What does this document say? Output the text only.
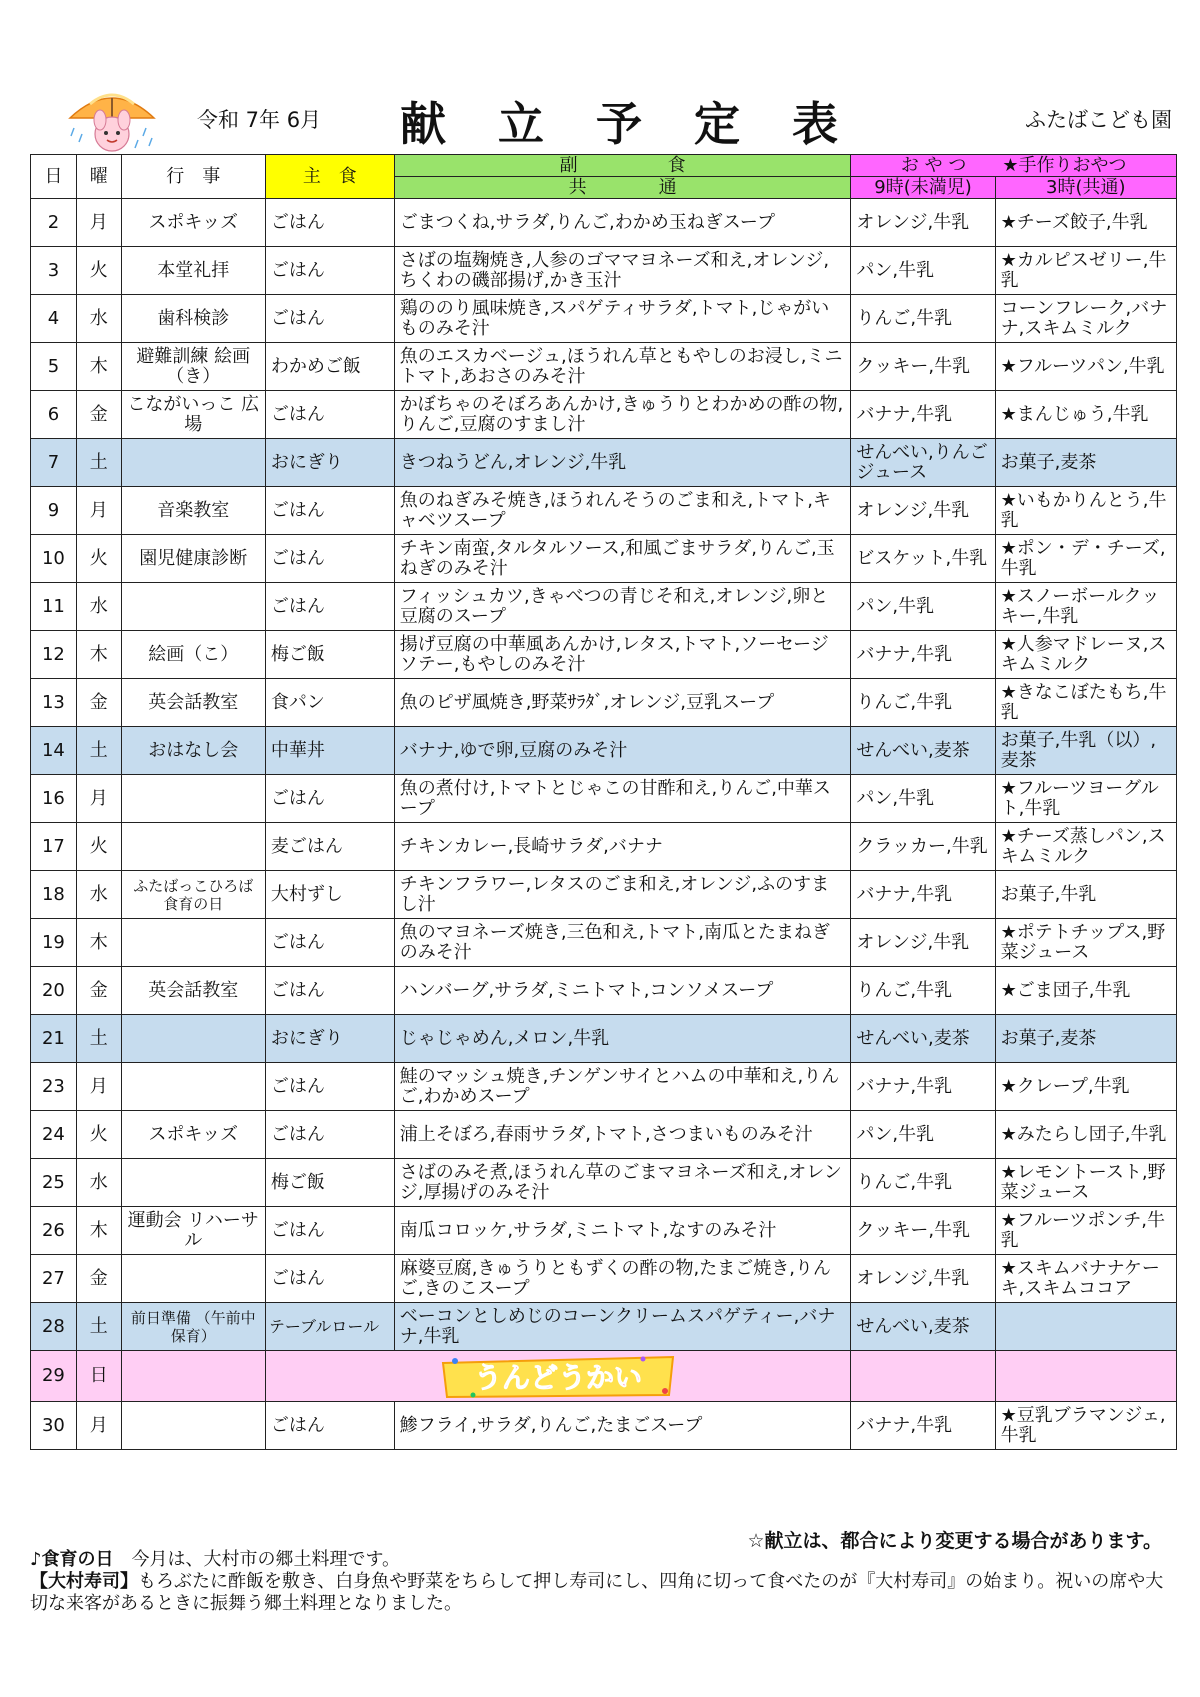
令和 7年 6月 献立予定表	ふたばこども園
日	曜	行　事	主　食	副　　　　　食	お や つ　　★手作りおやつ	
				共　　　　通	9時(未満児)	3時(共通)
2	月	スポキッズ	ごはん	ごまつくね,サラダ,りんご,わかめ玉ねぎスープ	オレンジ,牛乳	★チーズ餃子,牛乳
3	火	本堂礼拝	ごはん	さばの塩麹焼き,人参のゴママヨネーズ和え,オレンジ,ちくわの磯部揚げ,かき玉汁	パン,牛乳	★カルピスゼリー,牛乳
4	水	歯科検診	ごはん	鶏ののり風味焼き,スパゲティサラダ,トマト,じゃがいものみそ汁	りんご,牛乳	コーンフレーク,バナナ,スキムミルク
5	木	避難訓練 絵画（き）	わかめご飯	魚のエスカベージュ,ほうれん草ともやしのお浸し,ミニトマト,あおさのみそ汁	クッキー,牛乳	★フルーツパン,牛乳
6	金	こながいっこ 広場	ごはん	かぼちゃのそぼろあんかけ,きゅうりとわかめの酢の物,りんご,豆腐のすまし汁	バナナ,牛乳	★まんじゅう,牛乳
7	土		おにぎり	きつねうどん,オレンジ,牛乳	せんべい,りんごジュース	お菓子,麦茶
9	月	音楽教室	ごはん	魚のねぎみそ焼き,ほうれんそうのごま和え,トマト,キャベツスープ	オレンジ,牛乳	★いもかりんとう,牛乳
10	火	園児健康診断	ごはん	チキン南蛮,タルタルソース,和風ごまサラダ,りんご,玉ねぎのみそ汁	ビスケット,牛乳	★ポン・デ・チーズ,牛乳
11	水		ごはん	フィッシュカツ,きゃべつの青じそ和え,オレンジ,卵と豆腐のスープ	パン,牛乳	★スノーボールクッキー,牛乳
12	木	絵画（こ）	梅ご飯	揚げ豆腐の中華風あんかけ,レタス,トマト,ソーセージソテー,もやしのみそ汁	バナナ,牛乳	★人参マドレーヌ,スキムミルク
13	金	英会話教室	食パン	魚のピザ風焼き,野菜ｻﾗﾀﾞ,オレンジ,豆乳スープ	りんご,牛乳	★きなこぼたもち,牛乳
14	土	おはなし会	中華丼	バナナ,ゆで卵,豆腐のみそ汁	せんべい,麦茶	お菓子,牛乳（以）,麦茶
16	月		ごはん	魚の煮付け,トマトとじゃこの甘酢和え,りんご,中華スープ	パン,牛乳	★フルーツヨーグルト,牛乳
17	火		麦ごはん	チキンカレー,長崎サラダ,バナナ	クラッカー,牛乳	★チーズ蒸しパン,スキムミルク
18	水	ふたばっこひろば 食育の日	大村ずし	チキンフラワー,レタスのごま和え,オレンジ,ふのすまし汁	バナナ,牛乳	お菓子,牛乳
19	木		ごはん	魚のマヨネーズ焼き,三色和え,トマト,南瓜とたまねぎのみそ汁	オレンジ,牛乳	★ポテトチップス,野菜ジュース
20	金	英会話教室	ごはん	ハンバーグ,サラダ,ミニトマト,コンソメスープ	りんご,牛乳	★ごま団子,牛乳
21	土		おにぎり	じゃじゃめん,メロン,牛乳	せんべい,麦茶	お菓子,麦茶
23	月		ごはん	鮭のマッシュ焼き,チンゲンサイとハムの中華和え,りんご,わかめスープ	バナナ,牛乳	★クレープ,牛乳
24	火	スポキッズ	ごはん	浦上そぼろ,春雨サラダ,トマト,さつまいものみそ汁	パン,牛乳	★みたらし団子,牛乳
25	水		梅ご飯	さばのみそ煮,ほうれん草のごまマヨネーズ和え,オレンジ,厚揚げのみそ汁	りんご,牛乳	★レモントースト,野菜ジュース
26	木	運動会 リハーサル	ごはん	南瓜コロッケ,サラダ,ミニトマト,なすのみそ汁	クッキー,牛乳	★フルーツポンチ,牛乳
27	金		ごはん	麻婆豆腐,きゅうりともずくの酢の物,たまご焼き,りんご,きのこスープ	オレンジ,牛乳	★スキムバナナケーキ,スキムココア
28	土	前日準備 （午前中保育）	テーブルロール	ベーコンとしめじのコーンクリームスパゲティー,バナナ,牛乳	せんべい,麦茶	
29	日		うんどうかい			

30	月		ごはん	鯵フライ,サラダ,りんご,たまごスープ	バナナ,牛乳	★豆乳ブラマンジェ,牛乳
☆献立は、都合により変更する場合があります。
♪食育の日　今月は、大村市の郷土料理です。
【大村寿司】もろぶたに酢飯を敷き、白身魚や野菜をちらして押し寿司にし、四角に切って食べたのが『大村寿司』の始まり。祝いの席や大切な来客があるときに振舞う郷土料理となりました。
